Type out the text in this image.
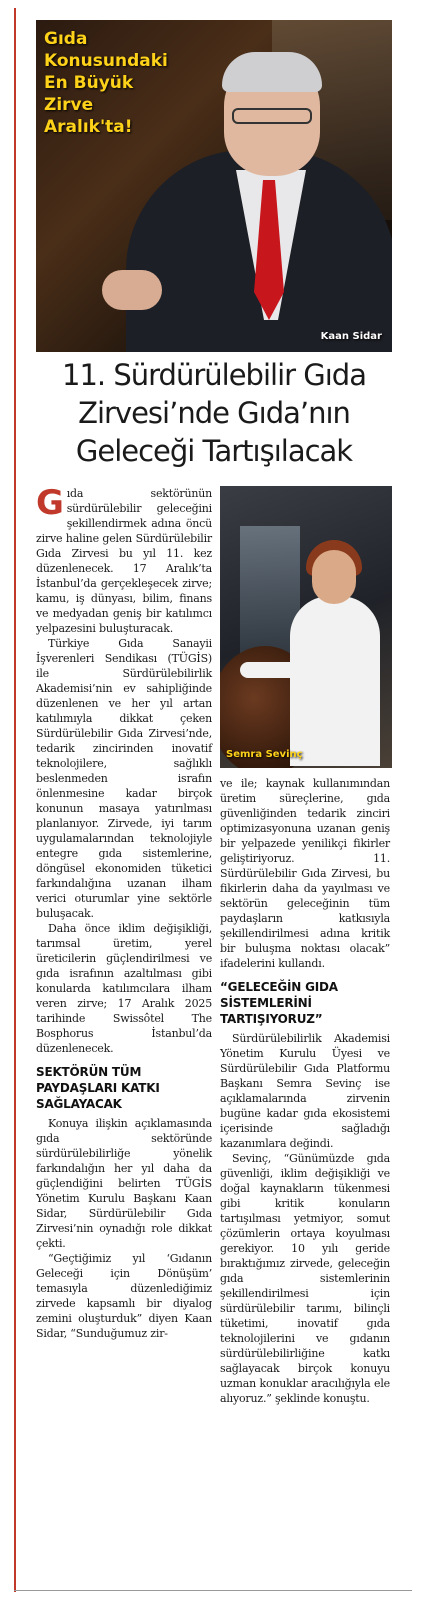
Gıda
Konusundaki
En Büyük
Zirve
Aralık'ta!
Kaan Sidar
11. Sürdürülebilir Gıda
Zirvesi’nde Gıda’nın
Geleceği Tartışılacak

Gıda sektörünün sürdürülebilir geleceğini şekillendirmek adına öncü zirve haline gelen Sürdürülebilir Gıda Zirvesi bu yıl 11. kez düzenlenecek. 17 Aralık’ta İstanbul’da gerçekleşecek zirve; kamu, iş dünyası, bilim, finans ve medyadan geniş bir katılımcı yelpazesini buluşturacak.

Türkiye Gıda Sanayii İşverenleri Sendikası (TÜGİS) ile Sürdürülebilirlik Akademisi’nin ev sahipliğinde düzenlenen ve her yıl artan katılımıyla dikkat çeken Sürdürülebilir Gıda Zirvesi’nde, tedarik zincirinden inovatif teknolojilere, sağlıklı beslenmeden israfın önlenmesine kadar birçok konunun masaya yatırılması planlanıyor. Zirvede, iyi tarım uygulamalarından teknolojiyle entegre gıda sistemlerine, döngüsel ekonomiden tüketici farkındalığına uzanan ilham verici oturumlar yine sektörle buluşacak.

Daha önce iklim değişikliği, tarımsal üretim, yerel üreticilerin güçlendirilmesi ve gıda israfının azaltılması gibi konularda katılımcılara ilham veren zirve; 17 Aralık 2025 tarihinde Swissôtel The Bosphorus İstanbul’da düzenlenecek.

SEKTÖRÜN TÜM PAYDAŞLARI KATKI SAĞLAYACAK

Konuya ilişkin açıklamasında gıda sektöründe sürdürülebilirliğe yönelik farkındalığın her yıl daha da güçlendiğini belirten TÜGİS Yönetim Kurulu Başkanı Kaan Sidar, Sürdürülebilir Gıda Zirvesi’nin oynadığı role dikkat çekti.

“Geçtiğimiz yıl ‘Gıdanın Geleceği için Dönüşüm’ temasıyla düzenlediğimiz zirvede kapsamlı bir diyalog zemini oluşturduk” diyen Kaan Sidar, “Sunduğumuz zir-

Semra Sevinç

ve ile; kaynak kullanımından üretim süreçlerine, gıda güvenliğinden tedarik zinciri optimizasyonuna uzanan geniş bir yelpazede yenilikçi fikirler geliştiriyoruz. 11. Sürdürülebilir Gıda Zirvesi, bu fikirlerin daha da yayılması ve sektörün geleceğinin tüm paydaşların katkısıyla şekillendirilmesi adına kritik bir buluşma noktası olacak” ifadelerini kullandı.

“GELECEĞİN GIDA SİSTEMLERİNİ TARTIŞIYORUZ”

Sürdürülebilirlik Akademisi Yönetim Kurulu Üyesi ve Sürdürülebilir Gıda Platformu Başkanı Semra Sevinç ise açıklamalarında zirvenin bugüne kadar gıda ekosistemi içerisinde sağladığı kazanımlara değindi.

Sevinç, “Günümüzde gıda güvenliği, iklim değişikliği ve doğal kaynakların tükenmesi gibi kritik konuların tartışılması yetmiyor, somut çözümlerin ortaya koyulması gerekiyor. 10 yılı geride bıraktığımız zirvede, geleceğin gıda sistemlerinin şekillendirilmesi için sürdürülebilir tarımı, bilinçli tüketimi, inovatif gıda teknolojilerini ve gıdanın sürdürülebilirliğine katkı sağlayacak birçok konuyu uzman konuklar aracılığıyla ele alıyoruz.” şeklinde konuştu.
